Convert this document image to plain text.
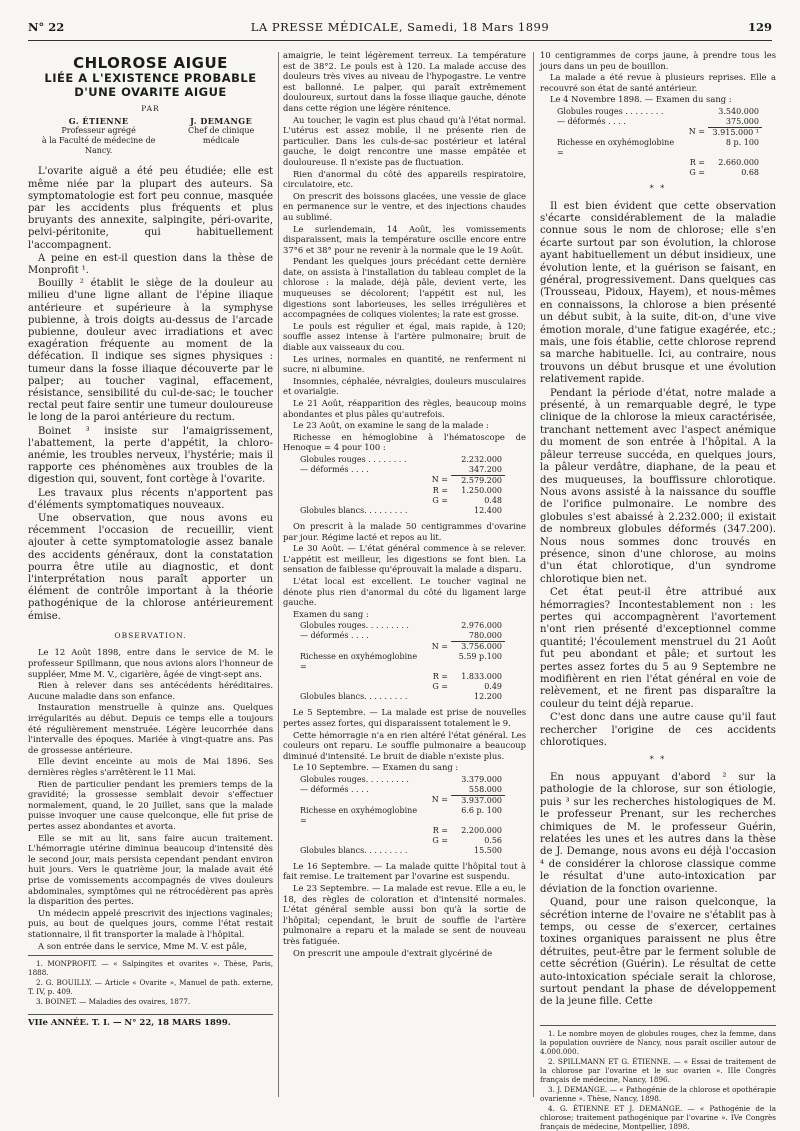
N° 22	LA PRESSE MÉDICALE, Samedi, 18 Mars 1899	129
CHLOROSE AIGUE
LIÉE A L'EXISTENCE PROBABLE
D'UNE OVARITE AIGUE
PAR
G. ÉTIENNE
Professeur agrégé
à la Faculté de médecine de Nancy.
J. DEMANGE
Chef de clinique médicale

L'ovarite aiguë a été peu étudiée; elle est même niée par la plupart des auteurs. Sa symptomatologie est fort peu connue, masquée par les accidents plus fréquents et plus bruyants des annexite, salpingite, péri-ovarite, pelvi-péritonite, qui habituellement l'accompagnent.

A peine en est-il question dans la thèse de Monprofit ¹.

Bouilly ² établit le siège de la douleur au milieu d'une ligne allant de l'épine iliaque antérieure et supérieure à la symphyse pubienne, à trois doigts au-dessus de l'arcade pubienne, douleur avec irradiations et avec exagération fréquente au moment de la défécation. Il indique ses signes physiques : tumeur dans la fosse iliaque découverte par le palper; au toucher vaginal, effacement, résistance, sensibilité du cul-de-sac; le toucher rectal peut faire sentir une tumeur douloureuse le long de la paroi antérieure du rectum.

Boinet ³ insiste sur l'amaigrissement, l'abattement, la perte d'appétit, la chloro-anémie, les troubles nerveux, l'hystérie; mais il rapporte ces phénomènes aux troubles de la digestion qui, souvent, font cortège à l'ovarite.

Les travaux plus récents n'apportent pas d'éléments symptomatiques nouveaux.

Une observation, que nous avons eu récemment l'occasion de recueillir, vient ajouter à cette symptomatologie assez banale des accidents généraux, dont la constatation pourra être utile au diagnostic, et dont l'interprétation nous paraît apporter un élément de contrôle important à la théorie pathogénique de la chlorose antérieurement émise.

OBSERVATION.

Le 12 Août 1898, entre dans le service de M. le professeur Spillmann, que nous avions alors l'honneur de suppléer, Mme M. V., cigarière, âgée de vingt-sept ans.

Rien à relever dans ses antécédents héréditaires. Aucune maladie dans son enfance.

Instauration menstruelle à quinze ans. Quelques irrégularités au début. Depuis ce temps elle a toujours été régulièrement menstruée. Légère leucorrhée dans l'intervalle des époques. Mariée à vingt-quatre ans. Pas de grossesse antérieure.

Elle devint enceinte au mois de Mai 1896. Ses dernières règles s'arrêtèrent le 11 Mai.

Rien de particulier pendant les premiers temps de la gravidité; la grossesse semblait devoir s'effectuer normalement, quand, le 20 Juillet, sans que la malade puisse invoquer une cause quelconque, elle fut prise de pertes assez abondantes et avorta.

Elle se mit au lit, sans faire aucun traitement. L'hémorragie utérine diminua beaucoup d'intensité dès le second jour, mais persista cependant pendant environ huit jours. Vers le quatrième jour, la malade avait été prise de vomissements accompagnés de vives douleurs abdominales, symptômes qui ne rétrocédèrent pas après la disparition des pertes.

Un médecin appelé prescrivit des injections vaginales; puis, au bout de quelques jours, comme l'état restait stationnaire, il fit transporter la malade à l'hôpital.

A son entrée dans le service, Mme M. V. est pâle,

1. MONPROFIT. — « Salpingites et ovarites ». Thèse, Paris, 1888.

2. G. BOUILLY. — Article « Ovarite », Manuel de path. externe, T. IV, p. 409.

3. BOINET. — Maladies des ovaires, 1877.

VIIe ANNÉE. T. I. — N° 22, 18 MARS 1899.

amaigrie, le teint légèrement terreux. La température est de 38°2. Le pouls est à 120. La malade accuse des douleurs très vives au niveau de l'hypogastre. Le ventre est ballonné. Le palper, qui paraît extrêmement douloureux, surtout dans la fosse iliaque gauche, dénote dans cette région une légère rénitence.

Au toucher, le vagin est plus chaud qu'à l'état normal. L'utérus est assez mobile, il ne présente rien de particulier. Dans les culs-de-sac postérieur et latéral gauche, le doigt rencontre une masse empâtée et douloureuse. Il n'existe pas de fluctuation.

Rien d'anormal du côté des appareils respiratoire, circulatoire, etc.

On prescrit des boissons glacées, une vessie de glace en permanence sur le ventre, et des injections chaudes au sublimé.

Le surlendemain, 14 Août, les vomissements disparaissent, mais la température oscille encore entre 37°6 et 38° pour ne revenir à la normale que le 19 Août.

Pendant les quelques jours précédant cette dernière date, on assista à l'installation du tableau complet de la chlorose : la malade, déjà pâle, devient verte, les muqueuses se décolorent; l'appétit est nul, les digestions sont laborieuses, les selles irrégulières et accompagnées de coliques violentes; la rate est grosse.

Le pouls est régulier et égal, mais rapide, à 120; souffle assez intense à l'artère pulmonaire; bruit de diable aux vaisseaux du cou.

Les urines, normales en quantité, ne renferment ni sucre, ni albumine.

Insomnies, céphalée, névralgies, douleurs musculaires et ovarialgie.

Le 21 Août, réapparition des règles, beaucoup moins abondantes et plus pâles qu'autrefois.

Le 23 Août, on examine le sang de la malade :

Richesse en hémoglobine à l'hématoscope de Henoque = 4 pour 100 :

Globules rouges . . . . . . . .		2.232.000
— déformés . . . .		347.200
	N =	2.579.200
	R =	1.250.000
	G =	0.48
Globules blancs. . . . . . . . .		12.400

On prescrit à la malade 50 centigrammes d'ovarine par jour. Régime lacté et repos au lit.

Le 30 Août. — L'état général commence à se relever. L'appétit est meilleur, les digestions se font bien. La sensation de faiblesse qu'éprouvait la malade a disparu.

L'état local est excellent. Le toucher vaginal ne dénote plus rien d'anormal du côté du ligament large gauche.

Examen du sang :

Globules rouges. . . . . . . . .		2.976.000
— déformés . . . .		780.000
	N =	3.756.000
Richesse en oxyhémoglobine =		5.59 p.100
	R =	1.833.000
	G =	0.49
Globules blancs. . . . . . . . .		12.200

Le 5 Septembre. — La malade est prise de nouvelles pertes assez fortes, qui disparaissent totalement le 9.

Cette hémorragie n'a en rien altéré l'état général. Les couleurs ont reparu. Le souffle pulmonaire a beaucoup diminué d'intensité. Le bruit de diable n'existe plus.

Le 10 Septembre. — Examen du sang :

Globules rouges. . . . . . . . .		3.379.000
— déformés . . . .		558.000
	N =	3.937.000
Richesse en oxyhémoglobine =		6.6 p. 100
	R =	2.200.000
	G =	0.56
Globules blancs. . . . . . . . .		15.500

Le 16 Septembre. — La malade quitte l'hôpital tout à fait remise. Le traitement par l'ovarine est suspendu.

Le 23 Septembre. — La malade est revue. Elle a eu, le 18, des règles de coloration et d'intensité normales. L'état général semble aussi bon qu'à la sortie de l'hôpital; cependant, le bruit de souffle de l'artère pulmonaire a reparu et la malade se sent de nouveau très fatiguée.

On prescrit une ampoule d'extrait glycériné de

10 centigrammes de corps jaune, à prendre tous les jours dans un peu de bouillon.

La malade a été revue à plusieurs reprises. Elle a recouvré son état de santé antérieur.

Le 4 Novembre 1898. — Examen du sang :

Globules rouges . . . . . . . .		3.540.000
— déformés . . . .		375.000
	N =	3.915.000 ¹
Richesse en oxyhémoglobine =		8 p. 100
	R =	2.660.000
	G =	0.68
* *

Il est bien évident que cette observation s'écarte considérablement de la maladie connue sous le nom de chlorose; elle s'en écarte surtout par son évolution, la chlorose ayant habituellement un début insidieux, une évolution lente, et la guérison se faisant, en général, progressivement. Dans quelques cas (Trousseau, Pidoux, Hayem), et nous-mêmes en connaissons, la chlorose a bien présenté un début subit, à la suite, dit-on, d'une vive émotion morale, d'une fatigue exagérée, etc.; mais, une fois établie, cette chlorose reprend sa marche habituelle. Ici, au contraire, nous trouvons un début brusque et une évolution relativement rapide.

Pendant la période d'état, notre malade a présenté, à un remarquable degré, le type clinique de la chlorose la mieux caractérisée, tranchant nettement avec l'aspect anémique du moment de son entrée à l'hôpital. A la pâleur terreuse succéda, en quelques jours, la pâleur verdâtre, diaphane, de la peau et des muqueuses, la bouffissure chlorotique. Nous avons assisté à la naissance du souffle de l'orifice pulmonaire. Le nombre des globules s'est abaissé à 2.232.000; il existait de nombreux globules déformés (347.200). Nous nous sommes donc trouvés en présence, sinon d'une chlorose, au moins d'un état chlorotique, d'un syndrome chlorotique bien net.

Cet état peut-il être attribué aux hémorragies? Incontestablement non : les pertes qui accompagnèrent l'avortement n'ont rien présenté d'exceptionnel comme quantité; l'écoulement menstruel du 21 Août fut peu abondant et pâle; et surtout les pertes assez fortes du 5 au 9 Septembre ne modifièrent en rien l'état général en voie de relèvement, et ne firent pas disparaître la couleur du teint déjà reparue.

C'est donc dans une autre cause qu'il faut rechercher l'origine de ces accidents chlorotiques.

* *

En nous appuyant d'abord ² sur la pathologie de la chlorose, sur son étiologie, puis ³ sur les recherches histologiques de M. le professeur Prenant, sur les recherches chimiques de M. le professeur Guérin, relatées les unes et les autres dans la thèse de J. Demange, nous avons eu déjà l'occasion ⁴ de considérer la chlorose classique comme le résultat d'une auto-intoxication par déviation de la fonction ovarienne.

Quand, pour une raison quelconque, la sécrétion interne de l'ovaire ne s'établit pas à temps, ou cesse de s'exercer, certaines toxines organiques paraissent ne plus être détruites, peut-être par le ferment soluble de cette sécrétion (Guérin). Le résultat de cette auto-intoxication spéciale serait la chlorose, surtout pendant la phase de développement de la jeune fille. Cette

1. Le nombre moyen de globules rouges, chez la femme, dans la population ouvrière de Nancy, nous paraît osciller autour de 4.000.000.

2. SPILLMANN ET G. ÉTIENNE. — « Essai de traitement de la chlorose par l'ovarine et le suc ovarien ». IIIe Congrès français de médecine, Nancy, 1896.

3. J. DEMANGE. — « Pathogénie de la chlorose et opothérapie ovarienne ». Thèse, Nancy, 1898.

4. G. ÉTIENNE ET J. DEMANGE. — « Pathogénie de la chlorose; traitement pathogénique par l'ovarine ». IVe Congrès français de médecine, Montpellier, 1898.
